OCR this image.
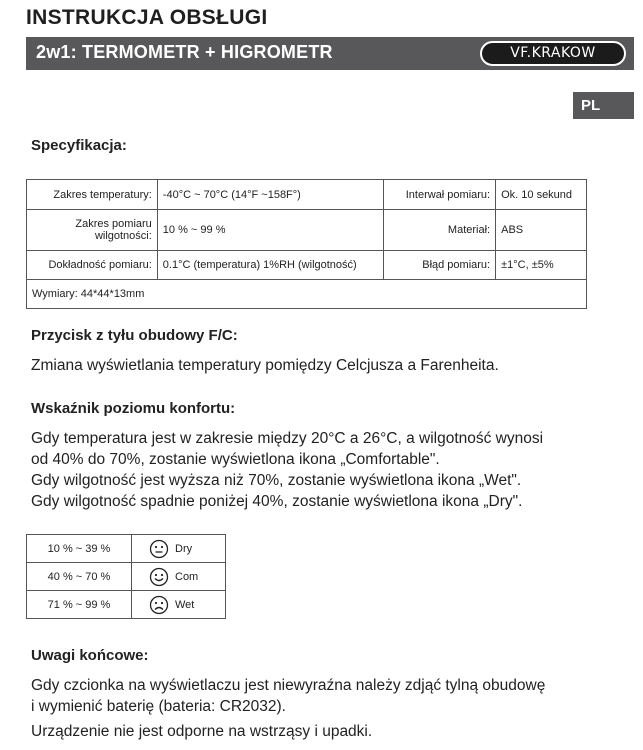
INSTRUKCJA OBSŁUGI
2w1: TERMOMETR + HIGROMETR	VF.KRAKOW
PL
Specyfikacja:
Zakres temperatury:	-40°C ~ 70°C (14°F ~158F°)	Interwał pomiaru:	Ok. 10 sekund
Zakres pomiaru wilgotności:	10 % ~ 99 %	Materiał:	ABS
Dokładność pomiaru:	0.1°C (temperatura) 1%RH (wilgotność)	Błąd pomiaru:	±1°C, ±5%
Wymiary: 44*44*13mm			
Przycisk z tyłu obudowy F/C:

Zmiana wyświetlania temperatury pomiędzy Celcjusza a Farenheita.

Wskaźnik poziomu konfortu:
Gdy temperatura jest w zakresie między 20°C a 26°C, a wilgotność wynosi
od 40% do 70%, zostanie wyświetlona ikona „Comfortable".
Gdy wilgotność jest wyższa niż 70%, zostanie wyświetlona ikona „Wet".
Gdy wilgotność spadnie poniżej 40%, zostanie wyświetlona ikona „Dry".
10 % ~ 39 %	Dry
40 % ~ 70 %	Com
71 % ~ 99 %	Wet
Uwagi końcowe:
Gdy czcionka na wyświetlaczu jest niewyraźna należy zdjąć tylną obudowę
i wymienić baterię (bateria: CR2032).

Urządzenie nie jest odporne na wstrząsy i upadki.
